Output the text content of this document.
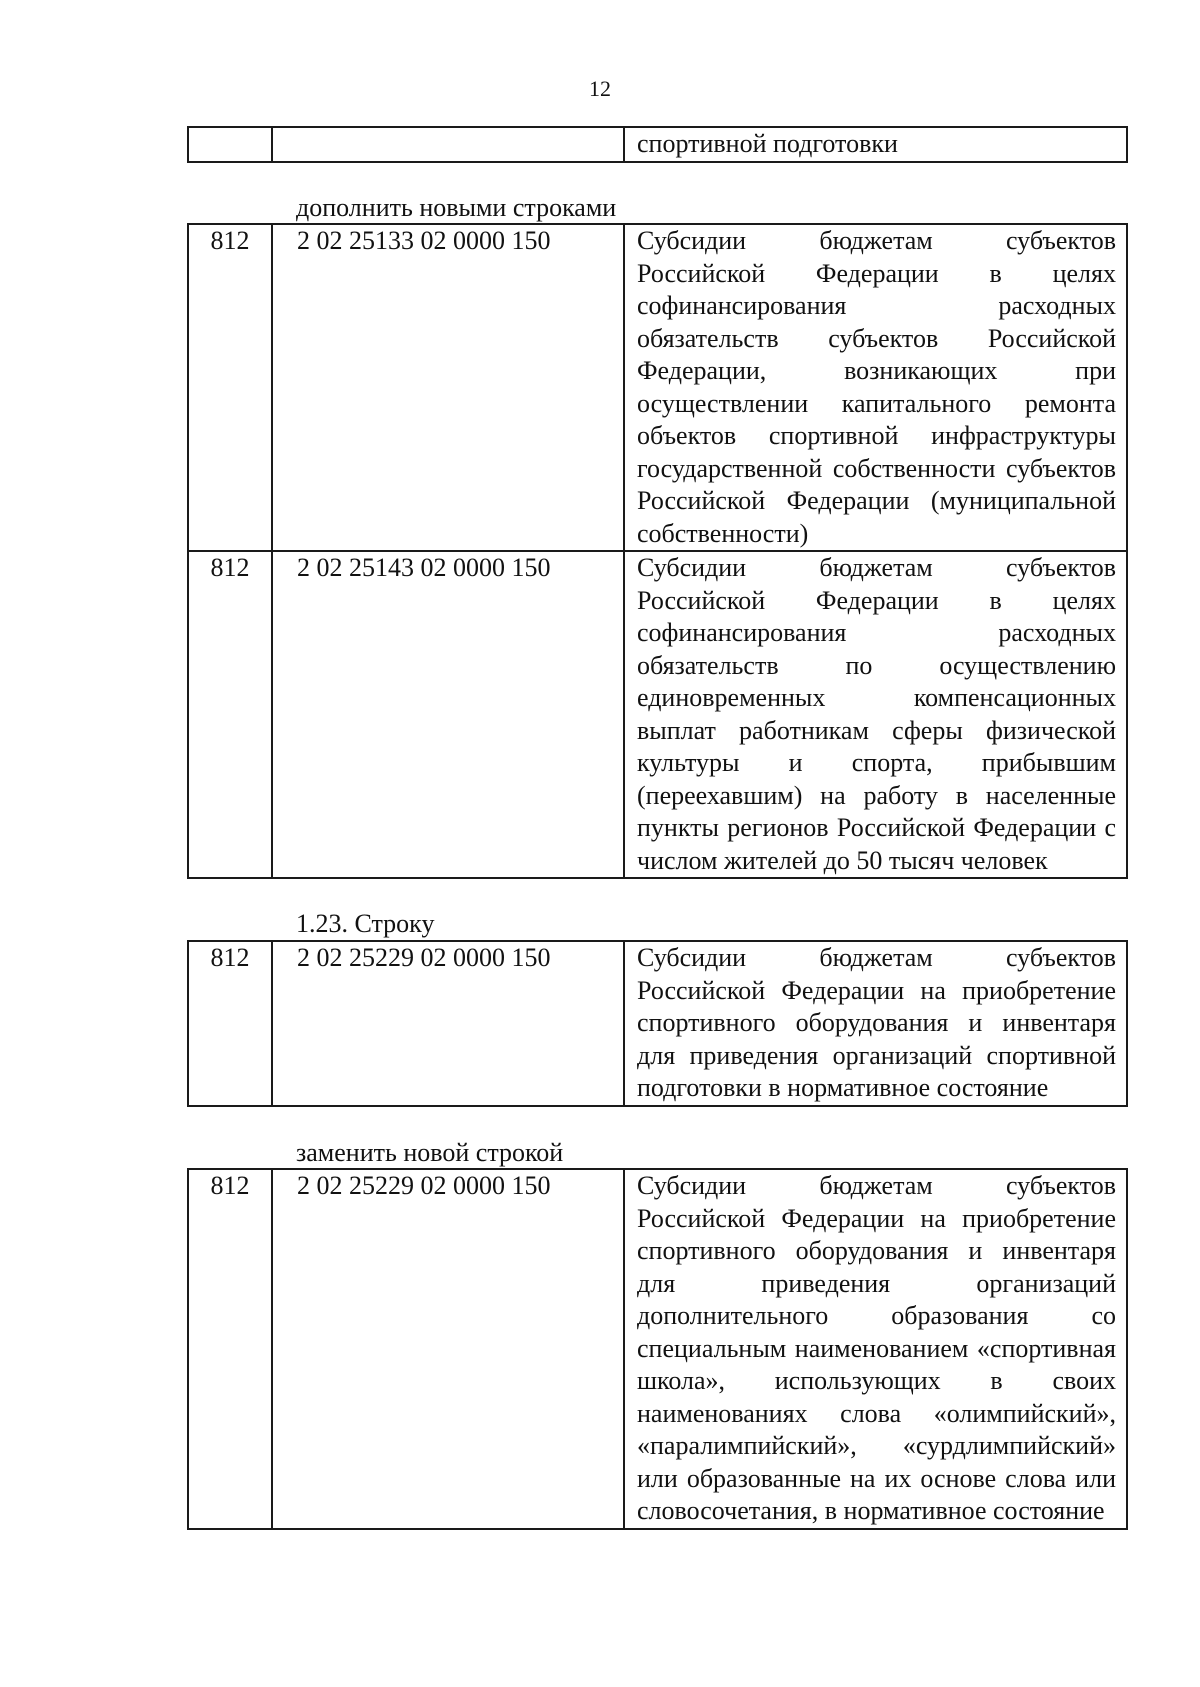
12
		спортивной подготовки
дополнить новыми строками
812	2 02 25133 02 0000 150	Субсидии бюджетам субъектов Российской Федерации в целях софинансирования расходных обязательств субъектов Российской Федерации, возникающих при осуществлении капитального ремонта объектов спортивной инфраструктуры государственной собственности субъектов Российской Федерации (муниципальной собственности)
812	2 02 25143 02 0000 150	Субсидии бюджетам субъектов Российской Федерации в целях софинансирования расходных обязательств по осуществлению единовременных компенсационных выплат работникам сферы физической культуры и спорта, прибывшим (переехавшим) на работу в населенные пункты регионов Российской Федерации с числом жителей до 50 тысяч человек
1.23. Строку
812	2 02 25229 02 0000 150	Субсидии бюджетам субъектов Российской Федерации на приобретение спортивного оборудования и инвентаря для приведения организаций спортивной подготовки в нормативное состояние
заменить новой строкой
812	2 02 25229 02 0000 150	Субсидии бюджетам субъектов Российской Федерации на приобретение спортивного оборудования и инвентаря для приведения организаций дополнительного образования со специальным наименованием «спортивная школа», использующих в своих наименованиях слова «олимпийский», «паралимпийский», «сурдлимпийский» или образованные на их основе слова или словосочетания, в нормативное состояние
